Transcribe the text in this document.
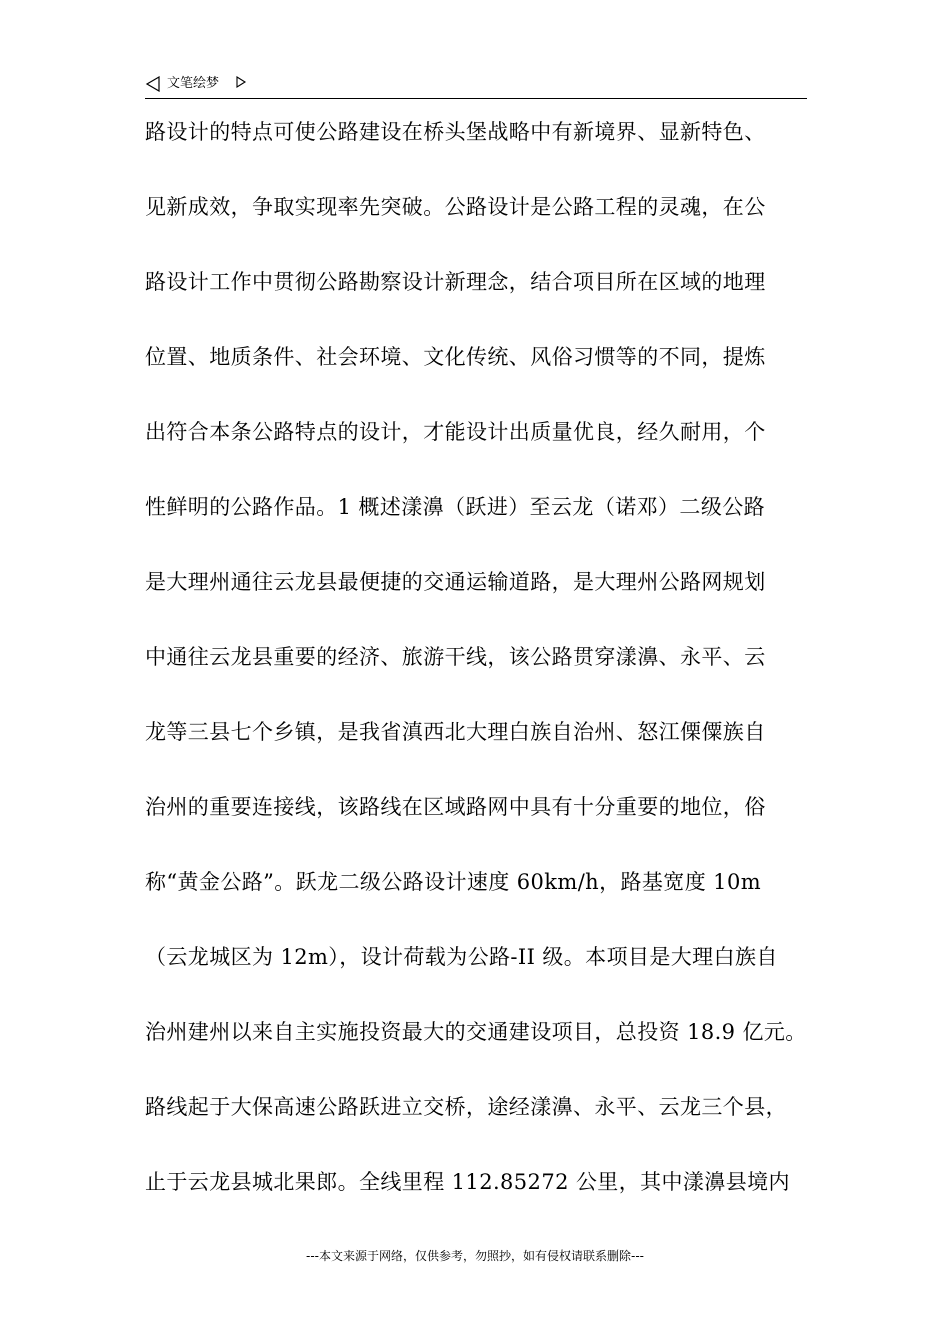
文笔绘梦
路设计的特点可使公路建设在桥头堡战略中有新境界、显新特色、
见新成效，争取实现率先突破。公路设计是公路工程的灵魂，在公
路设计工作中贯彻公路勘察设计新理念，结合项目所在区域的地理
位置、地质条件、社会环境、文化传统、风俗习惯等的不同，提炼
出符合本条公路特点的设计，才能设计出质量优良，经久耐用，个
性鲜明的公路作品。1 概述漾濞（跃进）至云龙（诺邓）二级公路
是大理州通往云龙县最便捷的交通运输道路，是大理州公路网规划
中通往云龙县重要的经济、旅游干线，该公路贯穿漾濞、永平、云
龙等三县七个乡镇，是我省滇西北大理白族自治州、怒江傈僳族自
治州的重要连接线，该路线在区域路网中具有十分重要的地位，俗
称“黄金公路”。跃龙二级公路设计速度 60km/h，路基宽度 10m
（云龙城区为 12m），设计荷载为公路-II 级。本项目是大理白族自
治州建州以来自主实施投资最大的交通建设项目，总投资 18.9 亿元。
路线起于大保高速公路跃进立交桥，途经漾濞、永平、云龙三个县，
止于云龙县城北果郎。全线里程 112.85272 公里，其中漾濞县境内
---本文来源于网络，仅供参考，勿照抄，如有侵权请联系删除---
